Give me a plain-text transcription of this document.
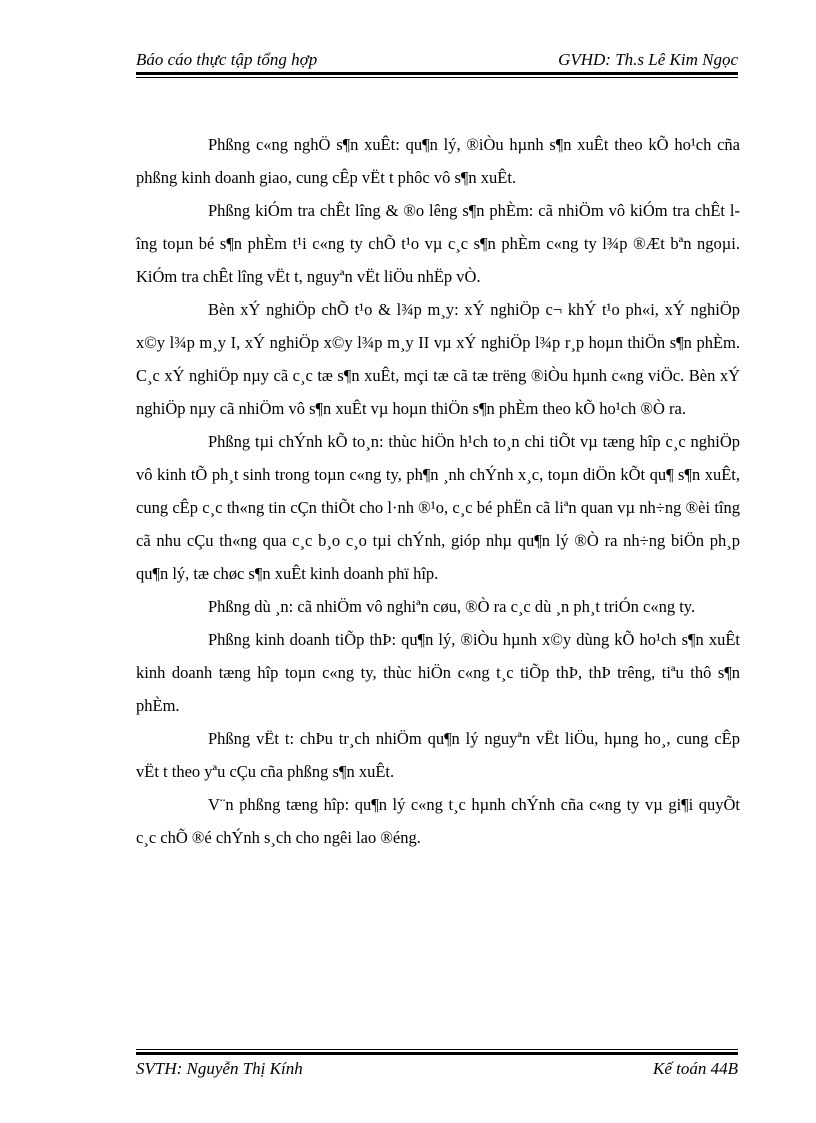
Báo cáo thực tập tổng hợp	GVHD: Th.s Lê Kim Ngọc

Phßng c«ng nghÖ s¶n xuÊt: qu¶n lý, ®iÒu hµnh s¶n xuÊt theo kÕ ho¹ch cña phßng kinh doanh giao, cung cÊp vËt t phôc vô s¶n xuÊt.

Phßng kiÓm tra chÊt lîng & ®o lêng s¶n phÈm: cã nhiÖm vô kiÓm tra chÊt lîng toµn bé s¶n phÈm t¹i c«ng ty chÕ t¹o vµ c¸c s¶n phÈm c«ng ty l¾p ®Æt bªn ngoµi. KiÓm tra chÊt lîng vËt t, nguyªn vËt liÖu nhËp vÒ.

Bèn xÝ nghiÖp chÕ t¹o & l¾p m¸y: xÝ nghiÖp c¬ khÝ t¹o ph«i, xÝ nghiÖp x©y l¾p m¸y I, xÝ nghiÖp x©y l¾p m¸y II vµ xÝ nghiÖp l¾p r¸p hoµn thiÖn s¶n phÈm. C¸c xÝ nghiÖp nµy cã c¸c tæ s¶n xuÊt, mçi tæ cã tæ trëng ®iÒu hµnh c«ng viÖc. Bèn xÝ nghiÖp nµy cã nhiÖm vô s¶n xuÊt vµ hoµn thiÖn s¶n phÈm theo kÕ ho¹ch ®Ò ra.

Phßng tµi chÝnh kÕ to¸n: thùc hiÖn h¹ch to¸n chi tiÕt vµ tæng hîp c¸c nghiÖp vô kinh tÕ ph¸t sinh trong toµn c«ng ty, ph¶n ¸nh chÝnh x¸c, toµn diÖn kÕt qu¶ s¶n xuÊt, cung cÊp c¸c th«ng tin cÇn thiÕt cho l·nh ®¹o, c¸c bé phËn cã liªn quan vµ nh÷ng ®èi tîng cã nhu cÇu th«ng qua c¸c b¸o c¸o tµi chÝnh, gióp nhµ qu¶n lý ®Ò ra nh÷ng biÖn ph¸p qu¶n lý, tæ chøc s¶n xuÊt kinh doanh phï hîp.

Phßng dù ¸n: cã nhiÖm vô nghiªn cøu, ®Ò ra c¸c dù ¸n ph¸t triÓn c«ng ty.

Phßng kinh doanh tiÕp thÞ: qu¶n lý, ®iÒu hµnh x©y dùng kÕ ho¹ch s¶n xuÊt kinh doanh tæng hîp toµn c«ng ty, thùc hiÖn c«ng t¸c tiÕp thÞ, thÞ trêng, tiªu thô s¶n phÈm.

Phßng vËt t: chÞu tr¸ch nhiÖm qu¶n lý nguyªn vËt liÖu, hµng ho¸, cung cÊp vËt t theo yªu cÇu cña phßng s¶n xuÊt.

V¨n phßng tæng hîp: qu¶n lý c«ng t¸c hµnh chÝnh cña c«ng ty vµ gi¶i quyÕt c¸c chÕ ®é chÝnh s¸ch cho ngêi lao ®éng.

SVTH: Nguyễn Thị Kính	Kế toán 44B
